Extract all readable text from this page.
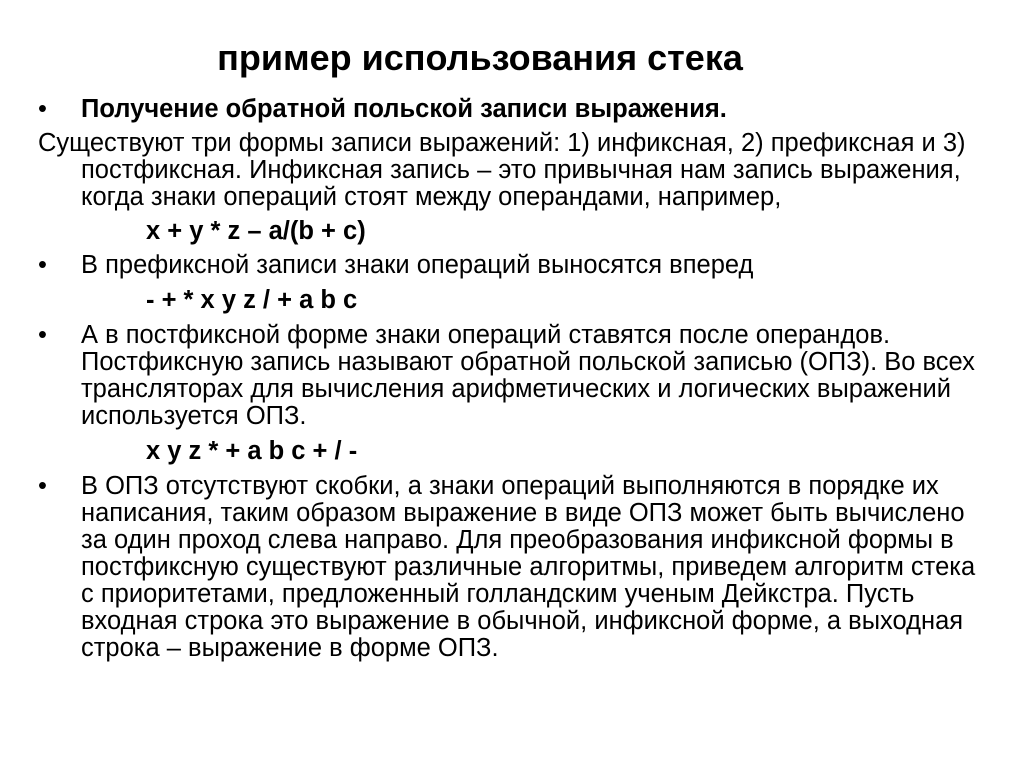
пример использования стека

•	Получение обратной польской записи выражения.

Существуют три формы записи выражений: 1) инфиксная, 2) префиксная и 3) постфиксная. Инфиксная запись – это привычная нам запись выражения, когда знаки операций стоят между операндами, например,

x + y * z – a/(b + c)

•	В префиксной записи знаки операций выносятся вперед

- + * x y z / + a b c

•	А в постфиксной форме знаки операций ставятся после операндов. Постфиксную запись называют обратной польской записью (ОПЗ). Во всех трансляторах для вычисления арифметических и логических выражений используется ОПЗ.

x y z * + a b c + / -

•	В ОПЗ отсутствуют скобки, а знаки операций выполняются в порядке их написания, таким образом выражение в виде ОПЗ может быть вычислено за один проход слева направо. Для преобразования инфиксной формы в постфиксную существуют различные алгоритмы, приведем алгоритм стека с приоритетами, предложенный голландским ученым Дейкстра. Пусть входная строка это выражение в обычной, инфиксной форме, а выходная строка – выражение в форме ОПЗ.
